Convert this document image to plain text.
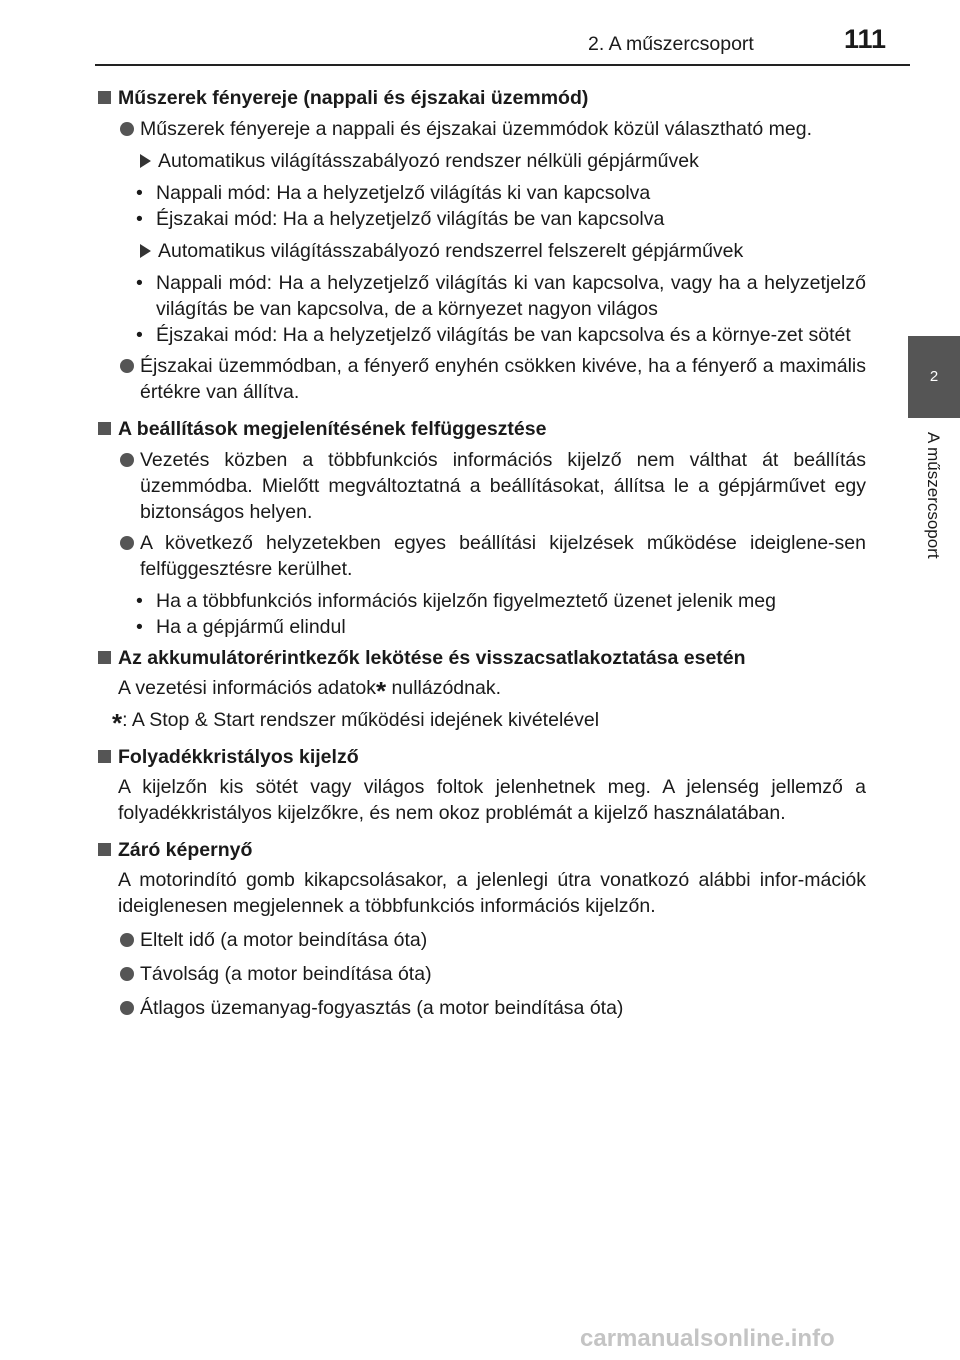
2. A műszercsoport	111
2
A műszercsoport
Műszerek fényereje (nappali és éjszakai üzemmód)
Műszerek fényereje a nappali és éjszakai üzemmódok közül választható meg.
Automatikus világításszabályozó rendszer nélküli gépjárművek
• Nappali mód: Ha a helyzetjelző világítás ki van kapcsolva
• Éjszakai mód: Ha a helyzetjelző világítás be van kapcsolva
Automatikus világításszabályozó rendszerrel felszerelt gépjárművek
• Nappali mód: Ha a helyzetjelző világítás ki van kapcsolva, vagy ha a helyzetjelző világítás be van kapcsolva, de a környezet nagyon világos
• Éjszakai mód: Ha a helyzetjelző világítás be van kapcsolva és a környe-zet sötét
Éjszakai üzemmódban, a fényerő enyhén csökken kivéve, ha a fényerő a maximális értékre van állítva.
A beállítások megjelenítésének felfüggesztése
Vezetés közben a többfunkciós információs kijelző nem válthat át beállítás üzemmódba. Mielőtt megváltoztatná a beállításokat, állítsa le a gépjárművet egy biztonságos helyen.
A következő helyzetekben egyes beállítási kijelzések működése ideiglene-sen felfüggesztésre kerülhet.
• Ha a többfunkciós információs kijelzőn figyelmeztető üzenet jelenik meg
• Ha a gépjármű elindul
Az akkumulátorérintkezők lekötése és visszacsatlakoztatása esetén
A vezetési információs adatok* nullázódnak.
*: A Stop & Start rendszer működési idejének kivételével
Folyadékkristályos kijelző
A kijelzőn kis sötét vagy világos foltok jelenhetnek meg. A jelenség jellemző a folyadékkristályos kijelzőkre, és nem okoz problémát a kijelző használatában.
Záró képernyő
A motorindító gomb kikapcsolásakor, a jelenlegi útra vonatkozó alábbi infor-mációk ideiglenesen megjelennek a többfunkciós információs kijelzőn.
Eltelt idő (a motor beindítása óta)
Távolság (a motor beindítása óta)
Átlagos üzemanyag-fogyasztás (a motor beindítása óta)
carmanualsonline.info
